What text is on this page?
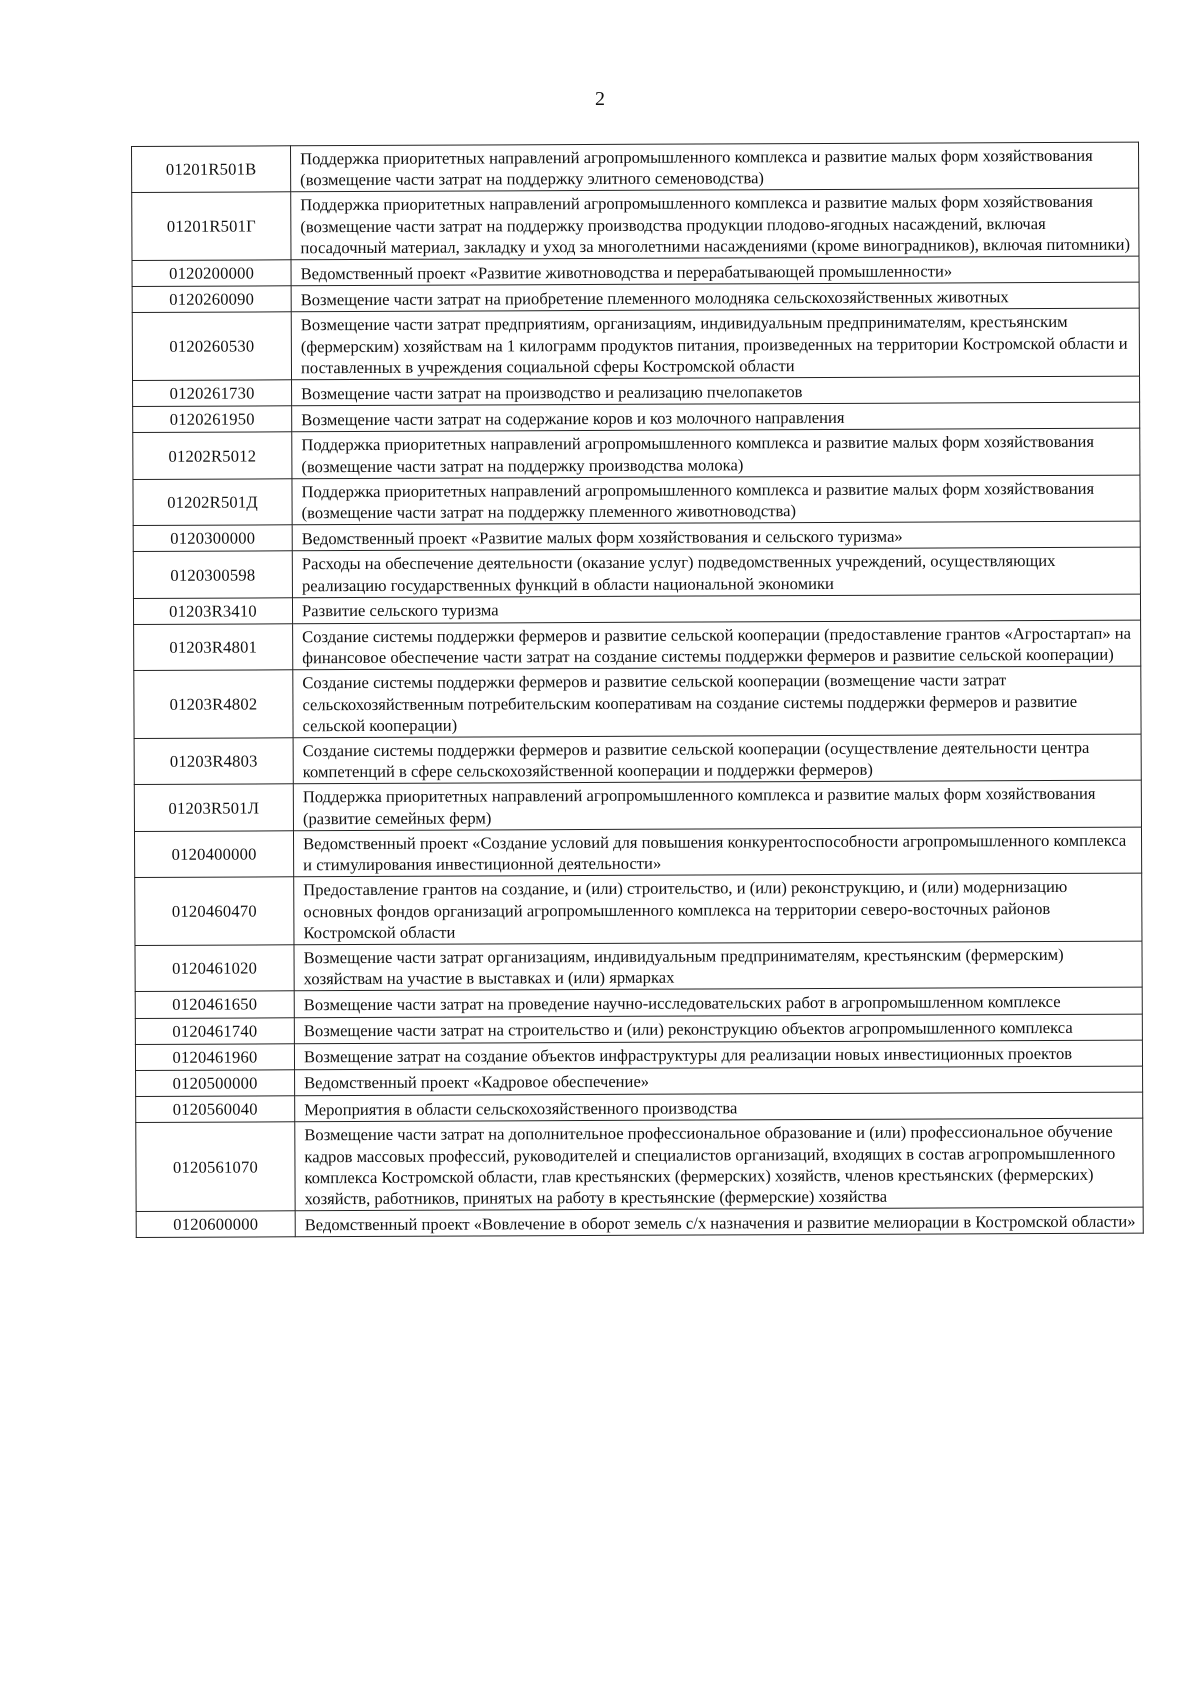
2
01201R501В	Поддержка приоритетных направлений агропромышленного комплекса и развитие малых форм хозяйствования (возмещение части затрат на поддержку элитного семеноводства)
01201R501Г	Поддержка приоритетных направлений агропромышленного комплекса и развитие малых форм хозяйствования (возмещение части затрат на поддержку производства продукции плодово-ягодных насаждений, включая посадочный материал, закладку и уход за многолетними насаждениями (кроме виноградников), включая питомники)
0120200000	Ведомственный проект «Развитие животноводства и перерабатывающей промышленности»
0120260090	Возмещение части затрат на приобретение племенного молодняка сельскохозяйственных животных
0120260530	Возмещение части затрат предприятиям, организациям, индивидуальным предпринимателям, крестьянским (фермерским) хозяйствам на 1 килограмм продуктов питания, произведенных на территории Костромской области и поставленных в учреждения социальной сферы Костромской области
0120261730	Возмещение части затрат на производство и реализацию пчелопакетов
0120261950	Возмещение части затрат на содержание коров и коз молочного направления
01202R5012	Поддержка приоритетных направлений агропромышленного комплекса и развитие малых форм хозяйствования (возмещение части затрат на поддержку производства молока)
01202R501Д	Поддержка приоритетных направлений агропромышленного комплекса и развитие малых форм хозяйствования (возмещение части затрат на поддержку племенного животноводства)
0120300000	Ведомственный проект «Развитие малых форм хозяйствования и сельского туризма»
0120300598	Расходы на обеспечение деятельности (оказание услуг) подведомственных учреждений, осуществляющих реализацию государственных функций в области национальной экономики
01203R3410	Развитие сельского туризма
01203R4801	Создание системы поддержки фермеров и развитие сельской кооперации (предоставление грантов «Агростартап» на финансовое обеспечение части затрат на создание системы поддержки фермеров и развитие сельской кооперации)
01203R4802	Создание системы поддержки фермеров и развитие сельской кооперации (возмещение части затрат сельскохозяйственным потребительским кооперативам на создание системы поддержки фермеров и развитие сельской кооперации)
01203R4803	Создание системы поддержки фермеров и развитие сельской кооперации (осуществление деятельности центра компетенций в сфере сельскохозяйственной кооперации и поддержки фермеров)
01203R501Л	Поддержка приоритетных направлений агропромышленного комплекса и развитие малых форм хозяйствования (развитие семейных ферм)
0120400000	Ведомственный проект «Создание условий для повышения конкурентоспособности агропромышленного комплекса и стимулирования инвестиционной деятельности»
0120460470	Предоставление грантов на создание, и (или) строительство, и (или) реконструкцию, и (или) модернизацию основных фондов организаций агропромышленного комплекса на территории северо-восточных районов Костромской области
0120461020	Возмещение части затрат организациям, индивидуальным предпринимателям, крестьянским (фермерским) хозяйствам на участие в выставках и (или) ярмарках
0120461650	Возмещение части затрат на проведение научно-исследовательских работ в агропромышленном комплексе
0120461740	Возмещение части затрат на строительство и (или) реконструкцию объектов агропромышленного комплекса
0120461960	Возмещение затрат на создание объектов инфраструктуры для реализации новых инвестиционных проектов
0120500000	Ведомственный проект «Кадровое обеспечение»
0120560040	Мероприятия в области сельскохозяйственного производства
0120561070	Возмещение части затрат на дополнительное профессиональное образование и (или) профессиональное обучение кадров массовых профессий, руководителей и специалистов организаций, входящих в состав агропромышленного комплекса Костромской области, глав крестьянских (фермерских) хозяйств, членов крестьянских (фермерских) хозяйств, работников, принятых на работу в крестьянские (фермерские) хозяйства
0120600000	Ведомственный проект «Вовлечение в оборот земель с/х назначения и развитие мелиорации в Костромской области»
